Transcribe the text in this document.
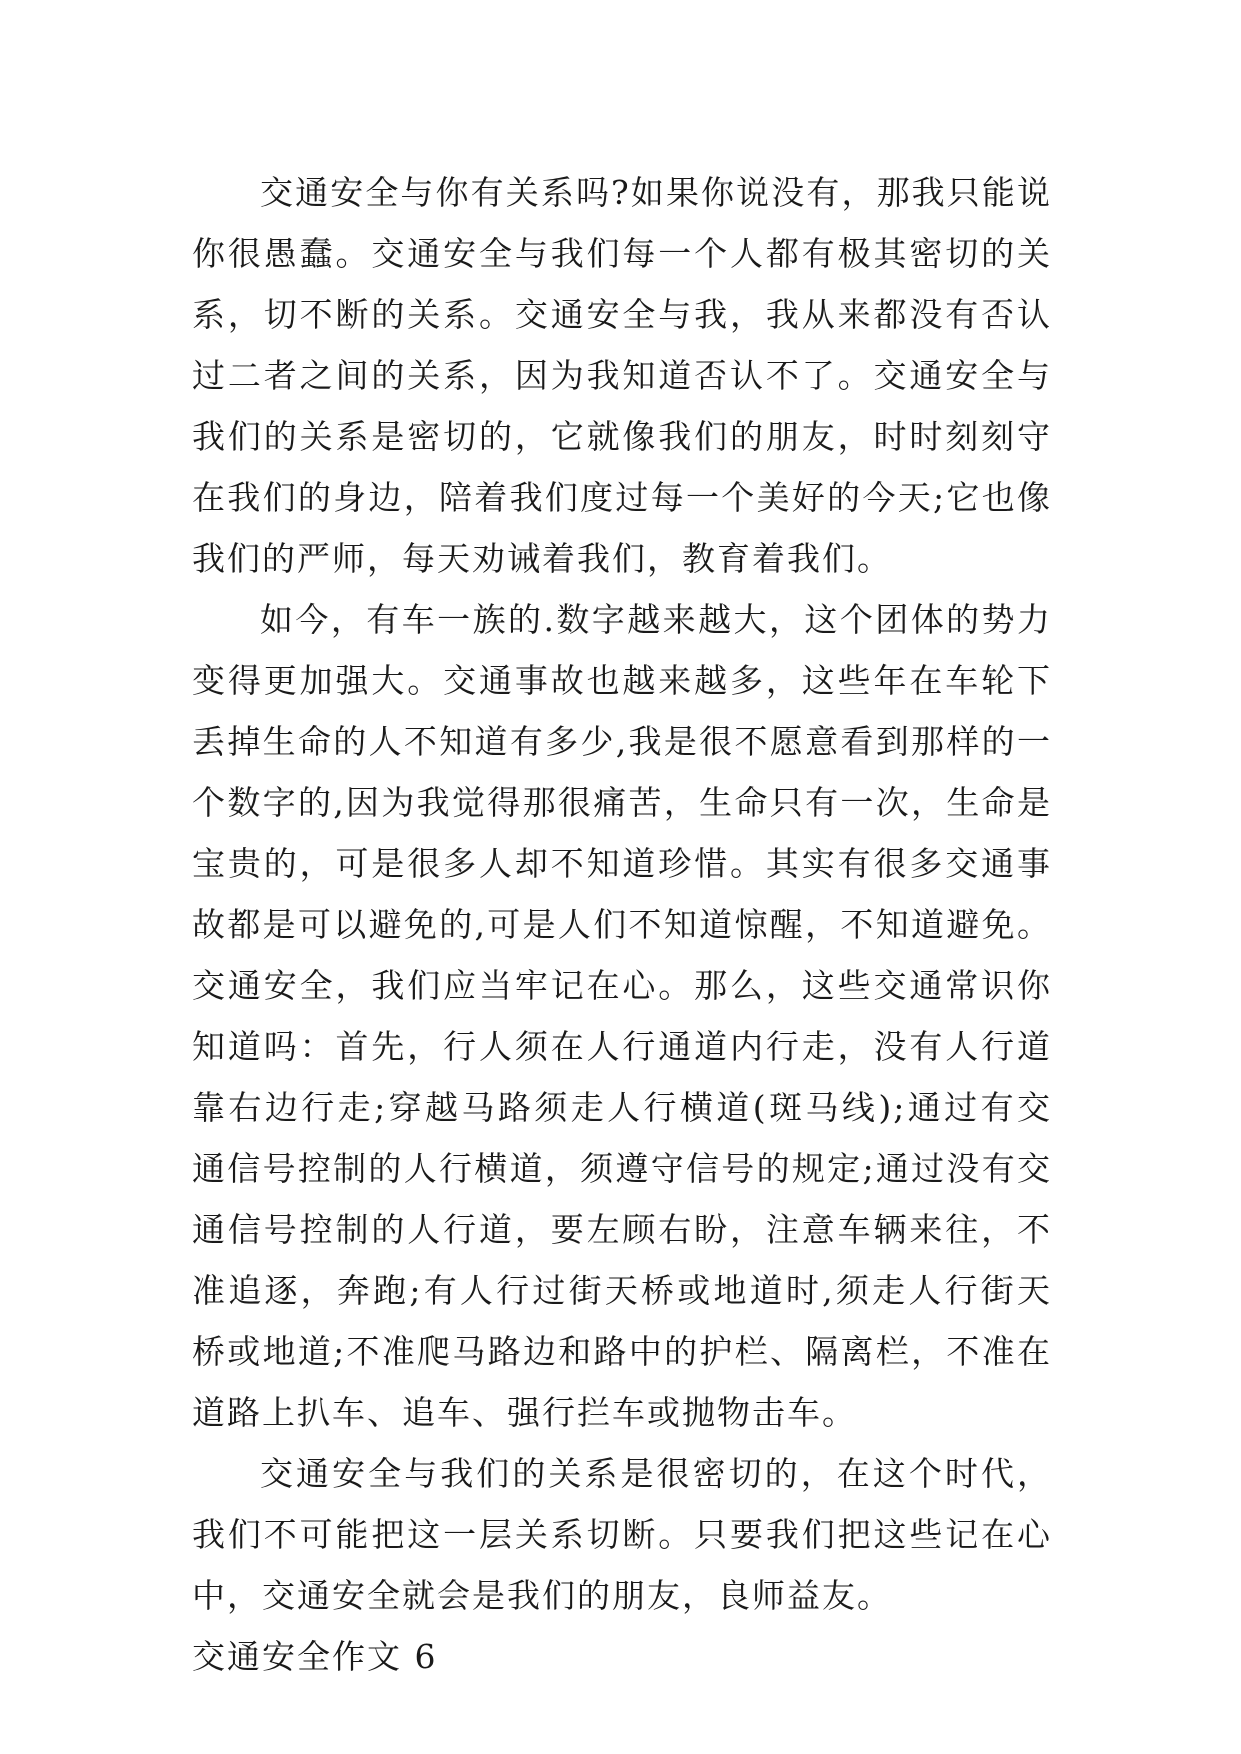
交通安全与你有关系吗?如果你说没有，那我只能说你很愚蠢。交通安全与我们每一个人都有极其密切的关系，切不断的关系。交通安全与我，我从来都没有否认过二者之间的关系，因为我知道否认不了。交通安全与我们的关系是密切的，它就像我们的朋友，时时刻刻守在我们的身边，陪着我们度过每一个美好的今天;它也像我们的严师，每天劝诫着我们，教育着我们。

如今，有车一族的.数字越来越大，这个团体的势力变得更加强大。交通事故也越来越多，这些年在车轮下丢掉生命的人不知道有多少,我是很不愿意看到那样的一个数字的,因为我觉得那很痛苦，生命只有一次，生命是宝贵的，可是很多人却不知道珍惜。其实有很多交通事故都是可以避免的,可是人们不知道惊醒，不知道避免。交通安全，我们应当牢记在心。那么，这些交通常识你知道吗：首先，行人须在人行通道内行走，没有人行道靠右边行走;穿越马路须走人行横道(斑马线);通过有交通信号控制的人行横道，须遵守信号的规定;通过没有交通信号控制的人行道，要左顾右盼，注意车辆来往，不准追逐，奔跑;有人行过街天桥或地道时,须走人行街天桥或地道;不准爬马路边和路中的护栏、隔离栏，不准在道路上扒车、追车、强行拦车或抛物击车。

交通安全与我们的关系是很密切的，在这个时代，我们不可能把这一层关系切断。只要我们把这些记在心中，交通安全就会是我们的朋友，良师益友。

交通安全作文 6
